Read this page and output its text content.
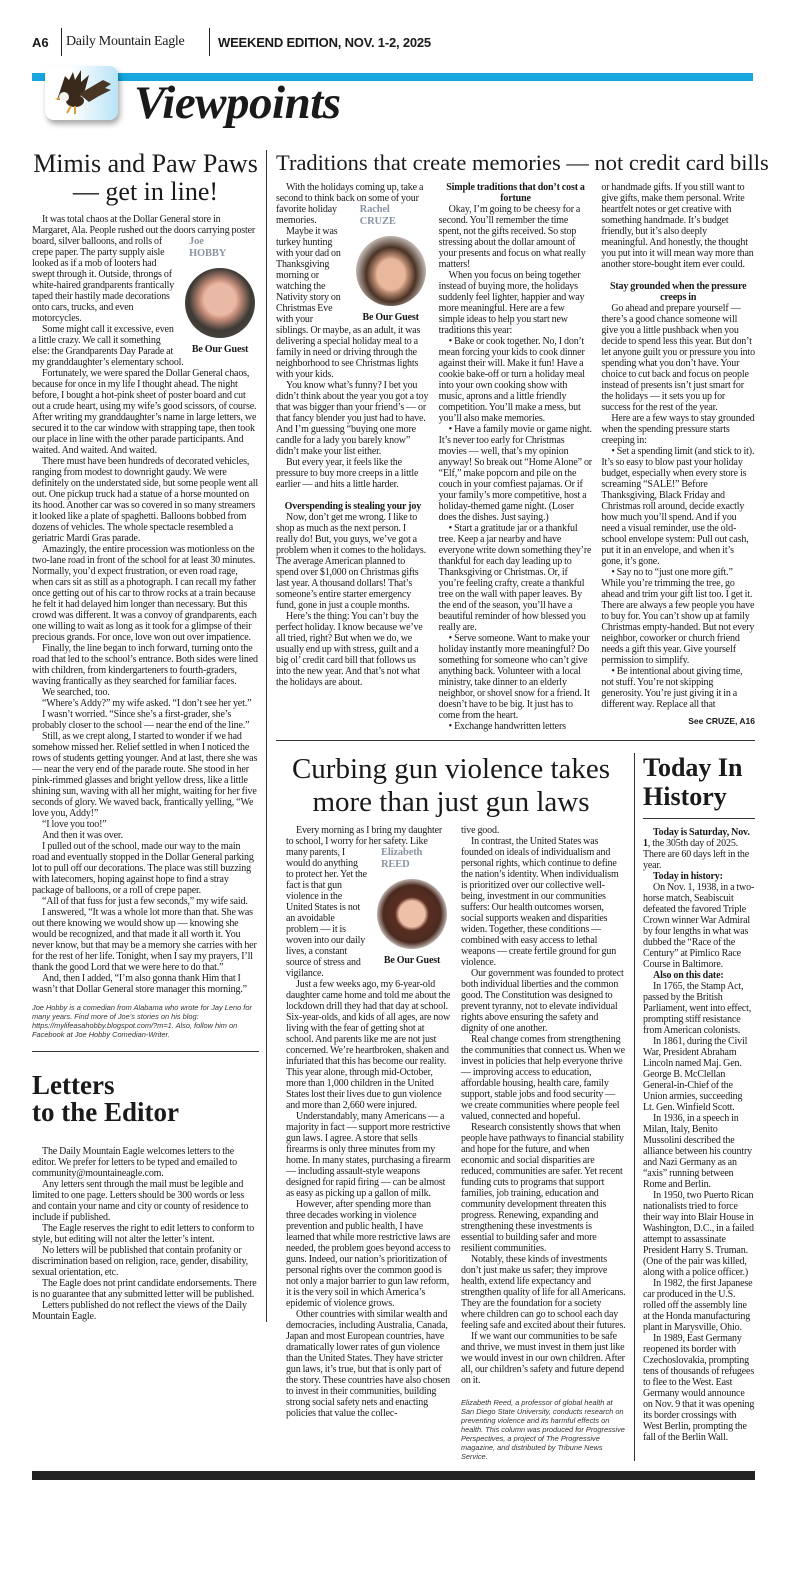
A6 Daily Mountain Eagle	WEEKEND EDITION, NOV. 1-2, 2025
Viewpoints
Mimis and Paw Paws — get in line!
Joe
HOBBY
Be Our Guest

It was total chaos at the Dollar General store in Margaret, Ala. People rushed out the doors carrying poster board, silver balloons, and rolls of crepe paper. The party supply aisle looked as if a mob of looters had swept through it. Outside, throngs of white-haired grandparents frantically taped their hastily made decorations onto cars, trucks, and even motorcycles.

Some might call it excessive, even a little crazy. We call it something else: the Grandparents Day Parade at my granddaughter’s elementary school.

Fortunately, we were spared the Dollar General chaos, because for once in my life I thought ahead. The night before, I bought a hot-pink sheet of poster board and cut out a crude heart, using my wife’s good scissors, of course. After writing my granddaughter’s name in large letters, we secured it to the car window with strapping tape, then took our place in line with the other parade participants. And waited. And waited. And waited.

There must have been hundreds of decorated vehicles, ranging from modest to downright gaudy. We were definitely on the understated side, but some people went all out. One pickup truck had a statue of a horse mounted on its hood. Another car was so covered in so many streamers it looked like a plate of spaghetti. Balloons bobbed from dozens of vehicles. The whole spectacle resembled a geriatric Mardi Gras parade.

Amazingly, the entire procession was motionless on the two-lane road in front of the school for at least 30 minutes. Normally, you’d expect frustration, or even road rage, when cars sit as still as a photograph. I can recall my father once getting out of his car to throw rocks at a train because he felt it had delayed him longer than necessary. But this crowd was different. It was a convoy of grandparents, each one willing to wait as long as it took for a glimpse of their precious grands. For once, love won out over impatience.

Finally, the line began to inch forward, turning onto the road that led to the school’s entrance. Both sides were lined with children, from kindergarteners to fourth-graders, waving frantically as they searched for familiar faces.

We searched, too.

“Where’s Addy?” my wife asked. “I don’t see her yet.”

I wasn’t worried. “Since she’s a first-grader, she’s probably closer to the school — near the end of the line.”

Still, as we crept along, I started to wonder if we had somehow missed her. Relief settled in when I noticed the rows of students getting younger. And at last, there she was — near the very end of the parade route. She stood in her pink-rimmed glasses and bright yellow dress, like a little shining sun, waving with all her might, waiting for her five seconds of glory. We waved back, frantically yelling, “We love you, Addy!”

“I love you too!”

And then it was over.

I pulled out of the school, made our way to the main road and eventually stopped in the Dollar General parking lot to pull off our decorations. The place was still buzzing with latecomers, hoping against hope to find a stray package of balloons, or a roll of crepe paper.

“All of that fuss for just a few seconds,” my wife said.

I answered, “It was a whole lot more than that. She was out there knowing we would show up — knowing she would be recognized, and that made it all worth it. You never know, but that may be a memory she carries with her for the rest of her life. Tonight, when I say my prayers, I’ll thank the good Lord that we were here to do that.”

And, then I added, “I’m also gonna thank Him that I wasn’t that Dollar General store manager this morning.”

Joe Hobby is a comedian from Alabama who wrote for Jay Leno for many years. Find more of Joe’s stories on his blog: https://mylifeasahobby.blogspot.com/?m=1. Also, follow him on Facebook at Joe Hobby Comedian-Writer.
Letters
to the Editor

The Daily Mountain Eagle welcomes letters to the editor. We prefer for letters to be typed and emailed to community@mountaineagle.com.

Any letters sent through the mail must be legible and limited to one page. Letters should be 300 words or less and contain your name and city or county of residence to include if published.

The Eagle reserves the right to edit letters to conform to style, but editing will not alter the letter’s intent.

No letters will be published that contain profanity or discrimination based on religion, race, gender, disability, sexual orientation, etc.

The Eagle does not print candidate endorsements. There is no guarantee that any submitted letter will be published.

Letters published do not reflect the views of the Daily Mountain Eagle.

Traditions that create memories — not credit card bills
Rachel
CRUZE
Be Our Guest

With the holidays coming up, take a second to think back on some of your favorite holiday memories.

Maybe it was turkey hunting with your dad on Thanksgiving morning or watching the Nativity story on Christmas Eve with your siblings. Or maybe, as an adult, it was delivering a special holiday meal to a family in need or driving through the neighborhood to see Christmas lights with your kids.

You know what’s funny? I bet you didn’t think about the year you got a toy that was bigger than your friend’s — or that fancy blender you just had to have. And I’m guessing “buying one more candle for a lady you barely know” didn’t make your list either.

But every year, it feels like the pressure to buy more creeps in a little earlier — and hits a little harder.

Overspending is stealing your joy

Now, don’t get me wrong. I like to shop as much as the next person. I really do! But, you guys, we’ve got a problem when it comes to the holidays. The average American planned to spend over $1,000 on Christmas gifts last year. A thousand dollars! That’s someone’s entire starter emergency fund, gone in just a couple months.

Here’s the thing: You can’t buy the perfect holiday. I know because we’ve all tried, right? But when we do, we usually end up with stress, guilt and a big ol’ credit card bill that follows us into the new year. And that’s not what the holidays are about.

Simple traditions that don’t cost a fortune

Okay, I’m going to be cheesy for a second. You’ll remember the time spent, not the gifts received. So stop stressing about the dollar amount of your presents and focus on what really matters!

When you focus on being together instead of buying more, the holidays suddenly feel lighter, happier and way more meaningful. Here are a few simple ideas to help you start new traditions this year:

• Bake or cook together. No, I don’t mean forcing your kids to cook dinner against their will. Make it fun! Have a cookie bake-off or turn a holiday meal into your own cooking show with music, aprons and a little friendly competition. You’ll make a mess, but you’ll also make memories.

• Have a family movie or game night. It’s never too early for Christmas movies — well, that’s my opinion anyway! So break out “Home Alone” or “Elf,” make popcorn and pile on the couch in your comfiest pajamas. Or if your family’s more competitive, host a holiday-themed game night. (Loser does the dishes. Just saying.)

• Start a gratitude jar or a thankful tree. Keep a jar nearby and have everyone write down something they’re thankful for each day leading up to Thanksgiving or Christmas. Or, if you’re feeling crafty, create a thankful tree on the wall with paper leaves. By the end of the season, you’ll have a beautiful reminder of how blessed you really are.

• Serve someone. Want to make your holiday instantly more meaningful? Do something for someone who can’t give anything back. Volunteer with a local ministry, take dinner to an elderly neighbor, or shovel snow for a friend. It doesn’t have to be big. It just has to come from the heart.

• Exchange handwritten letters

or handmade gifts. If you still want to give gifts, make them personal. Write heartfelt notes or get creative with something handmade. It’s budget friendly, but it’s also deeply meaningful. And honestly, the thought you put into it will mean way more than another store-bought item ever could.

Stay grounded when the pressure creeps in

Go ahead and prepare yourself — there’s a good chance someone will give you a little pushback when you decide to spend less this year. But don’t let anyone guilt you or pressure you into spending what you don’t have. Your choice to cut back and focus on people instead of presents isn’t just smart for the holidays — it sets you up for success for the rest of the year.

Here are a few ways to stay grounded when the spending pressure starts creeping in:

• Set a spending limit (and stick to it). It’s so easy to blow past your holiday budget, especially when every store is screaming “SALE!” Before Thanksgiving, Black Friday and Christmas roll around, decide exactly how much you’ll spend. And if you need a visual reminder, use the old-school envelope system: Pull out cash, put it in an envelope, and when it’s gone, it’s gone.

• Say no to “just one more gift.” While you’re trimming the tree, go ahead and trim your gift list too. I get it. There are always a few people you have to buy for. You can’t show up at family Christmas empty-handed. But not every neighbor, coworker or church friend needs a gift this year. Give yourself permission to simplify.

• Be intentional about giving time, not stuff. You’re not skipping generosity. You’re just giving it in a different way. Replace all that

See CRUZE, A16
Curbing gun violence takes more than just gun laws
Elizabeth
REED
Be Our Guest

Every morning as I bring my daughter to school, I worry for her safety. Like many parents, I would do anything to protect her. Yet the fact is that gun violence in the United States is not an avoidable problem — it is woven into our daily lives, a constant source of stress and vigilance.

Just a few weeks ago, my 6-year-old daughter came home and told me about the lockdown drill they had that day at school. Six-year-olds, and kids of all ages, are now living with the fear of getting shot at school. And parents like me are not just concerned. We’re heartbroken, shaken and infuriated that this has become our reality. This year alone, through mid-October, more than 1,000 children in the United States lost their lives due to gun violence and more than 2,660 were injured.

Understandably, many Americans — a majority in fact — support more restrictive gun laws. I agree. A store that sells firearms is only three minutes from my home. In many states, purchasing a firearm — including assault-style weapons designed for rapid firing — can be almost as easy as picking up a gallon of milk.

However, after spending more than three decades working in violence prevention and public health, I have learned that while more restrictive laws are needed, the problem goes beyond access to guns. Indeed, our nation’s prioritization of personal rights over the common good is not only a major barrier to gun law reform, it is the very soil in which America’s epidemic of violence grows.

Other countries with similar wealth and democracies, including Australia, Canada, Japan and most European countries, have dramatically lower rates of gun violence than the United States. They have stricter gun laws, it’s true, but that is only part of the story. These countries have also chosen to invest in their communities, building strong social safety nets and enacting policies that value the collec-

tive good.

In contrast, the United States was founded on ideals of individualism and personal rights, which continue to define the nation’s identity. When individualism is prioritized over our collective well-being, investment in our communities suffers: Our health outcomes worsen, social supports weaken and disparities widen. Together, these conditions — combined with easy access to lethal weapons — create fertile ground for gun violence.

Our government was founded to protect both individual liberties and the common good. The Constitution was designed to prevent tyranny, not to elevate individual rights above ensuring the safety and dignity of one another.

Real change comes from strengthening the communities that connect us. When we invest in policies that help everyone thrive — improving access to education, affordable housing, health care, family support, stable jobs and food security — we create communities where people feel valued, connected and hopeful.

Research consistently shows that when people have pathways to financial stability and hope for the future, and when economic and social disparities are reduced, communities are safer. Yet recent funding cuts to programs that support families, job training, education and community development threaten this progress. Renewing, expanding and strengthening these investments is essential to building safer and more resilient communities.

Notably, these kinds of investments don’t just make us safer; they improve health, extend life expectancy and strengthen quality of life for all Americans. They are the foundation for a society where children can go to school each day feeling safe and excited about their futures.

If we want our communities to be safe and thrive, we must invest in them just like we would invest in our own children. After all, our children’s safety and future depend on it.

Elizabeth Reed, a professor of global health at San Diego State University, conducts research on preventing violence and its harmful effects on health. This column was produced for Progressive Perspectives, a project of The Progressive magazine, and distributed by Tribune News Service.
Today In
History

Today is Saturday, Nov. 1, the 305th day of 2025. There are 60 days left in the year.

Today in history:

On Nov. 1, 1938, in a two-horse match, Seabiscuit defeated the favored Triple Crown winner War Admiral by four lengths in what was dubbed the “Race of the Century” at Pimlico Race Course in Baltimore.

Also on this date:

In 1765, the Stamp Act, passed by the British Parliament, went into effect, prompting stiff resistance from American colonists.

In 1861, during the Civil War, President Abraham Lincoln named Maj. Gen. George B. McClellan General-in-Chief of the Union armies, succeeding Lt. Gen. Winfield Scott.

In 1936, in a speech in Milan, Italy, Benito Mussolini described the alliance between his country and Nazi Germany as an “axis” running between Rome and Berlin.

In 1950, two Puerto Rican nationalists tried to force their way into Blair House in Washington, D.C., in a failed attempt to assassinate President Harry S. Truman. (One of the pair was killed, along with a police officer.)

In 1982, the first Japanese car produced in the U.S. rolled off the assembly line at the Honda manufacturing plant in Marysville, Ohio.

In 1989, East Germany reopened its border with Czechoslovakia, prompting tens of thousands of refugees to flee to the West. East Germany would announce on Nov. 9 that it was opening its border crossings with West Berlin, prompting the fall of the Berlin Wall.
